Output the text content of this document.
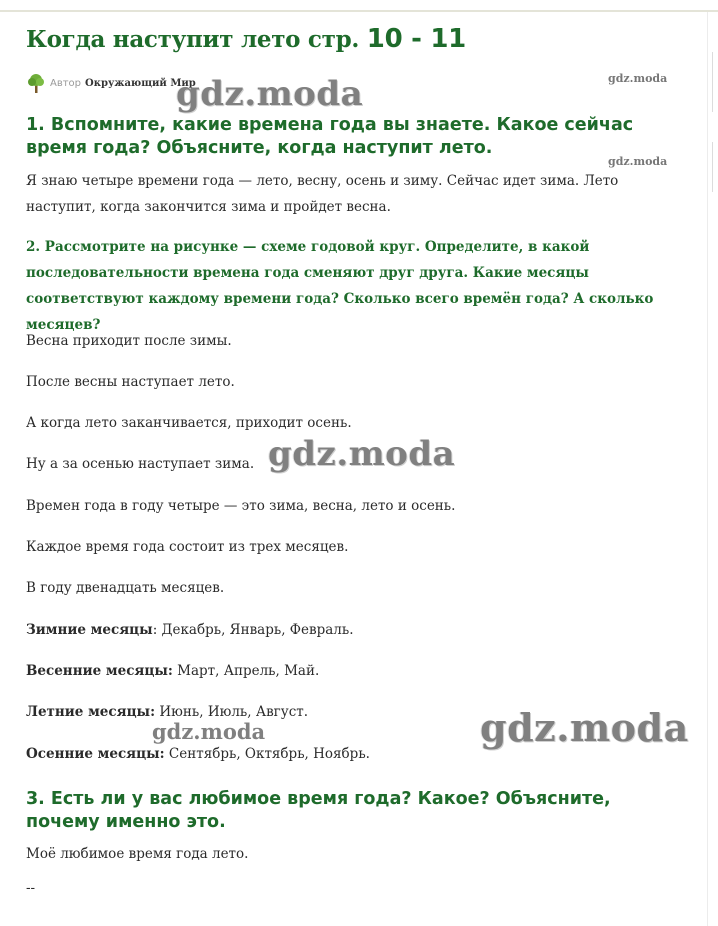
Когда наступит лето стр. 10 - 11
Автор Окружающий Мир
gdz.moda	gdz.moda
gdz.moda
1. Вспомните, какие времена года вы знаете. Какое сейчас время года? Объясните, когда наступит лето.

Я знаю четыре времени года — лето, весну, осень и зиму. Сейчас идет зима. Лето наступит, когда закончится зима и пройдет весна.

2. Рассмотрите на рисунке — схеме годовой круг. Определите, в какой последовательности времена года сменяют друг друга. Какие месяцы соответствуют каждому времени года? Сколько всего времён года? А сколько месяцев?

Весна приходит после зимы.
После весны наступает лето.
А когда лето заканчивается, приходит осень.
Ну а за осенью наступает зима. gdz.moda
Времен года в году четыре — это зима, весна, лето и осень.
Каждое время года состоит из трех месяцев.
В году двенадцать месяцев.
Зимние месяцы: Декабрь, Январь, Февраль.
Весенние месяцы: Март, Апрель, Май.
Летние месяцы: Июнь, Июль, Август.
gdz.moda
Осенние месяцы: Сентябрь, Октябрь, Ноябрь.
gdz.moda
3. Есть ли у вас любимое время года? Какое? Объясните, почему именно это.

Моё любимое время года лето.

--
